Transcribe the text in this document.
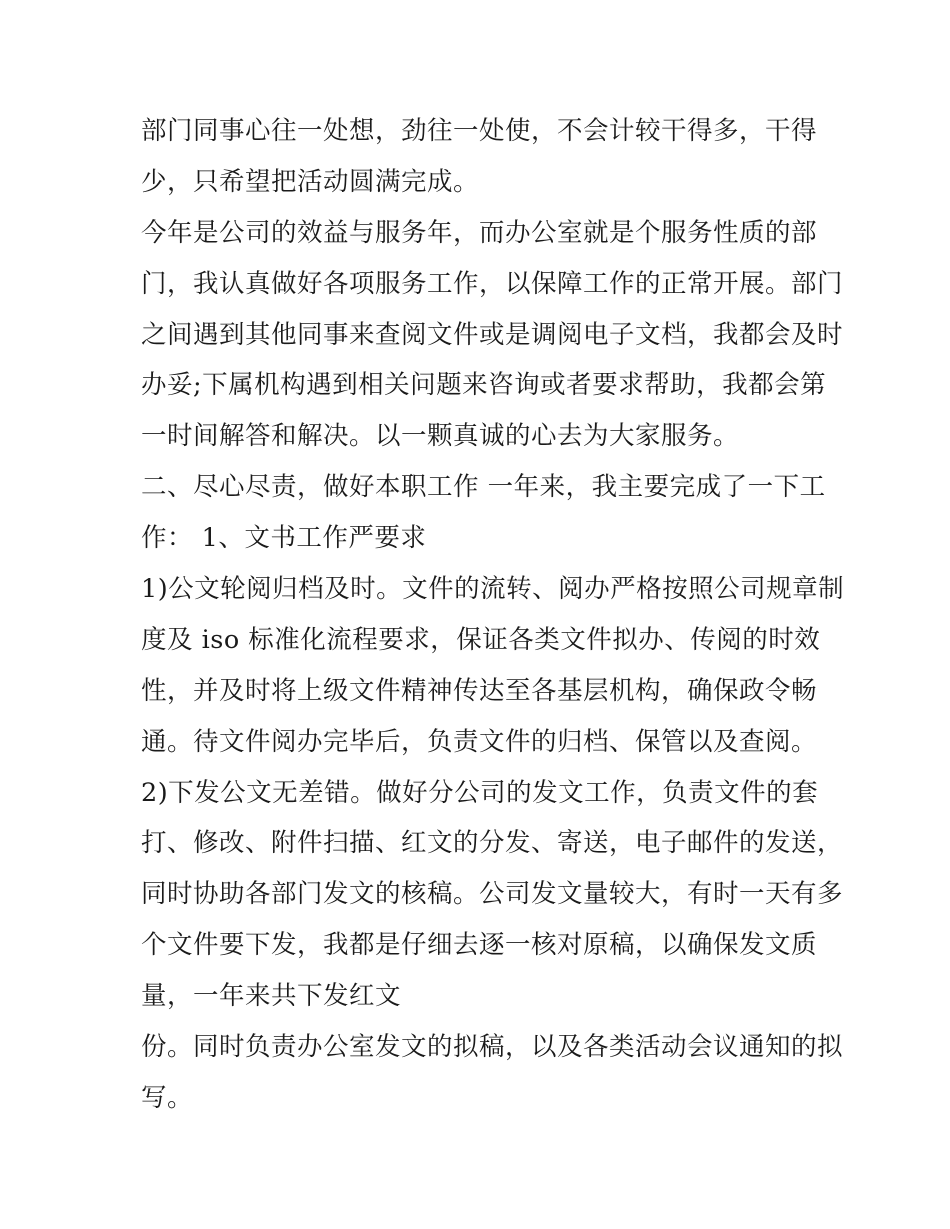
部门同事心往一处想，劲往一处使，不会计较干得多，干得
少，只希望把活动圆满完成。
今年是公司的效益与服务年，而办公室就是个服务性质的部
门，我认真做好各项服务工作，以保障工作的正常开展。部门
之间遇到其他同事来查阅文件或是调阅电子文档，我都会及时
办妥;下属机构遇到相关问题来咨询或者要求帮助，我都会第
一时间解答和解决。以一颗真诚的心去为大家服务。
二、尽心尽责，做好本职工作 一年来，我主要完成了一下工
作： 1、文书工作严要求
1)公文轮阅归档及时。文件的流转、阅办严格按照公司规章制
度及 iso 标准化流程要求，保证各类文件拟办、传阅的时效
性，并及时将上级文件精神传达至各基层机构，确保政令畅
通。待文件阅办完毕后，负责文件的归档、保管以及查阅。
2)下发公文无差错。做好分公司的发文工作，负责文件的套
打、修改、附件扫描、红文的分发、寄送，电子邮件的发送，
同时协助各部门发文的核稿。公司发文量较大，有时一天有多
个文件要下发，我都是仔细去逐一核对原稿，以确保发文质
量，一年来共下发红文
份。同时负责办公室发文的拟稿，以及各类活动会议通知的拟
写。
